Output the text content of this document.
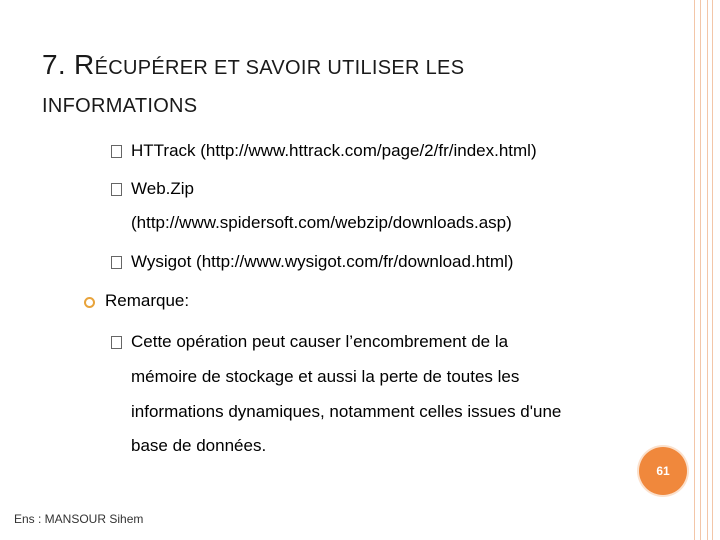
7. RÉCUPÉRER ET SAVOIR UTILISER LES
INFORMATIONS
HTTrack (http://www.httrack.com/page/2/fr/index.html)
Web.Zip
(http://www.spidersoft.com/webzip/downloads.asp)
Wysigot (http://www.wysigot.com/fr/download.html)
Remarque:
Cette opération peut causer l’encombrement de la
mémoire de stockage et aussi la perte de toutes les
informations dynamiques, notamment celles issues d'une
base de données.
61
Ens : MANSOUR Sihem
